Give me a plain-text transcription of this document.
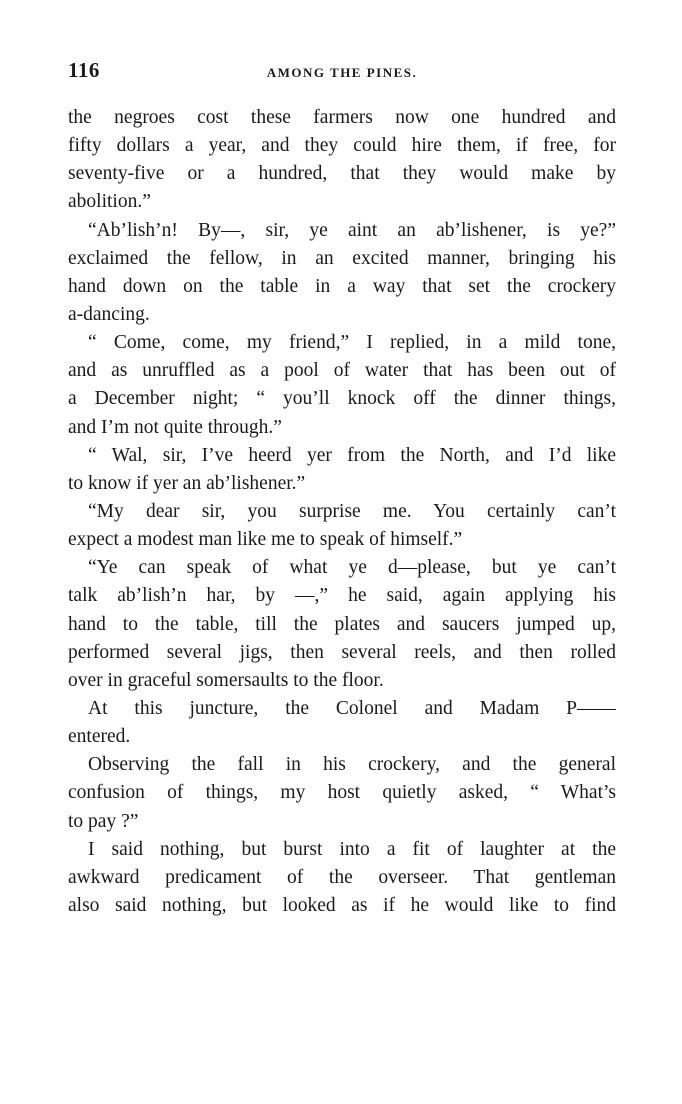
116	AMONG THE PINES.
the negroes cost these farmers now one hundred and
fifty dollars a year, and they could hire them, if free, for
seventy-five or a hundred, that they would make by
abolition.”
“Ab’lish’n! By—, sir, ye aint an ab’lishener, is ye?”
exclaimed the fellow, in an excited manner, bringing his
hand down on the table in a way that set the crockery
a-dancing.
“ Come, come, my friend,” I replied, in a mild tone,
and as unruffled as a pool of water that has been out of
a December night; “ you’ll knock off the dinner things,
and I’m not quite through.”
“ Wal, sir, I’ve heerd yer from the North, and I’d like
to know if yer an ab’lishener.”
“My dear sir, you surprise me. You certainly can’t
expect a modest man like me to speak of himself.”
“Ye can speak of what ye d—please, but ye can’t
talk ab’lish’n har, by —,” he said, again applying his
hand to the table, till the plates and saucers jumped up,
performed several jigs, then several reels, and then rolled
over in graceful somersaults to the floor.
At this juncture, the Colonel and Madam P——
entered.
Observing the fall in his crockery, and the general
confusion of things, my host quietly asked, “ What’s
to pay ?”
I said nothing, but burst into a fit of laughter at the
awkward predicament of the overseer. That gentleman
also said nothing, but looked as if he would like to find
